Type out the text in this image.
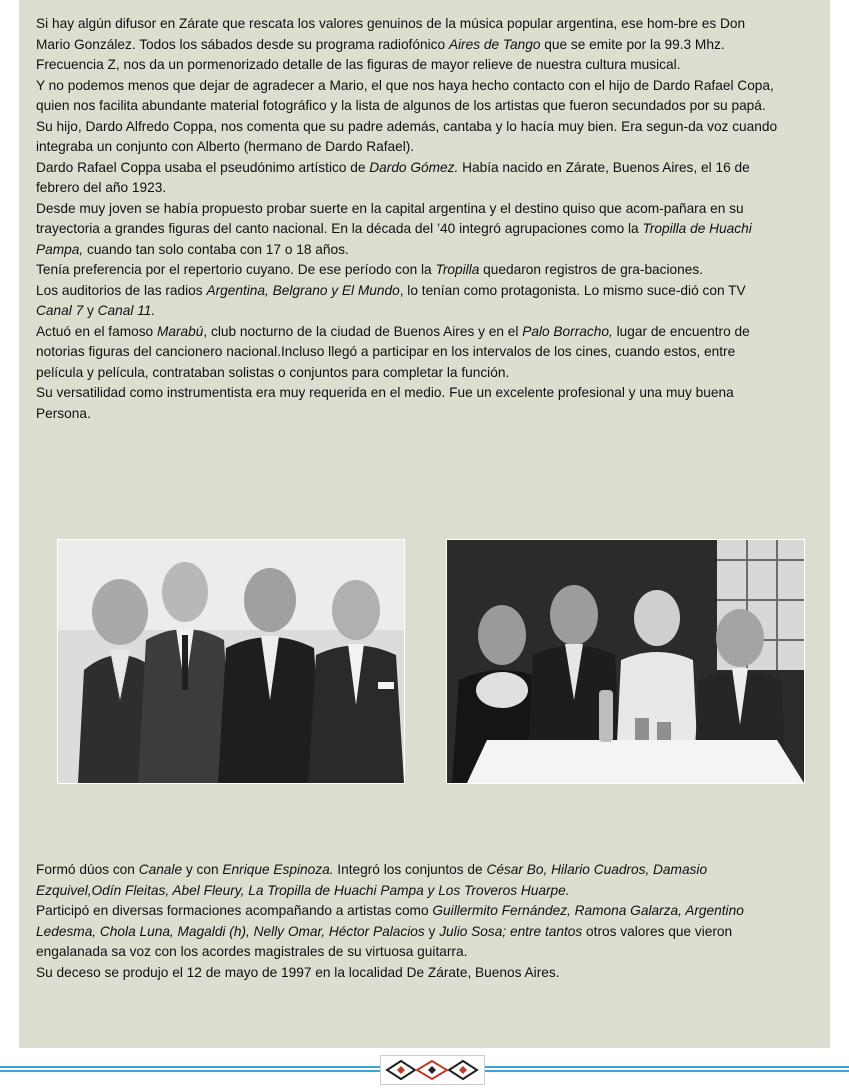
Si hay algún difusor en Zárate que rescata los valores genuinos de la música popular argentina, ese hom-bre es Don Mario González. Todos los sábados desde su programa radiofónico Aires de Tango que se emite por la 99.3 Mhz. Frecuencia Z, nos da un pormenorizado detalle de las figuras de mayor relieve de nuestra cultura musical.

Y no podemos menos que dejar de agradecer a Mario, el que nos haya hecho contacto con el hijo de Dardo Rafael Copa, quien nos facilita abundante material fotográfico y la lista de algunos de los artistas que fueron secundados por su papá.

Su hijo, Dardo Alfredo Coppa, nos comenta que su padre además, cantaba y lo hacía muy bien. Era segun-da voz cuando integraba un conjunto con Alberto (hermano de Dardo Rafael).

Dardo Rafael Coppa usaba el pseudónimo artístico de Dardo Gómez. Había nacido en Zárate, Buenos Aires, el 16 de febrero del año 1923.

Desde muy joven se había propuesto probar suerte en la capital argentina y el destino quiso que acom-pañara en su trayectoria a grandes figuras del canto nacional. En la década del ’40 integró agrupaciones como la Tropilla de Huachi Pampa, cuando tan solo contaba con 17 o 18 años.

Tenía preferencia por el repertorio cuyano. De ese período con la Tropilla quedaron registros de gra-baciones.

Los auditorios de las radios Argentina, Belgrano y El Mundo, lo tenían como protagonista. Lo mismo suce-dió con TV Canal 7 y Canal 11.

Actuó en el famoso Marabú, club nocturno de la ciudad de Buenos Aires y en el Palo Borracho, lugar de encuentro de notorias figuras del cancionero nacional.Incluso llegó a participar en los intervalos de los cines, cuando estos, entre película y película, contrataban solistas o conjuntos para completar la función.

Su versatilidad como instrumentista era muy requerida en el medio. Fue un excelente profesional y una muy buena Persona.

Formó dúos con Canale y con Enrique Espinoza. Integró los conjuntos de César Bo, Hilario Cuadros, Damasio Ezquivel,Odín Fleitas, Abel Fleury, La Tropilla de Huachi Pampa y Los Troveros Huarpe.

Participó en diversas formaciones acompañando a artistas como Guillermito Fernández, Ramona Galarza, Argentino Ledesma, Chola Luna, Magaldi (h), Nelly Omar, Héctor Palacios y Julio Sosa; entre tantos otros valores que vieron engalanada sa voz con los acordes magistrales de su virtuosa guitarra.

Su deceso se produjo el 12 de mayo de 1997 en la localidad De Zárate, Buenos Aires.
